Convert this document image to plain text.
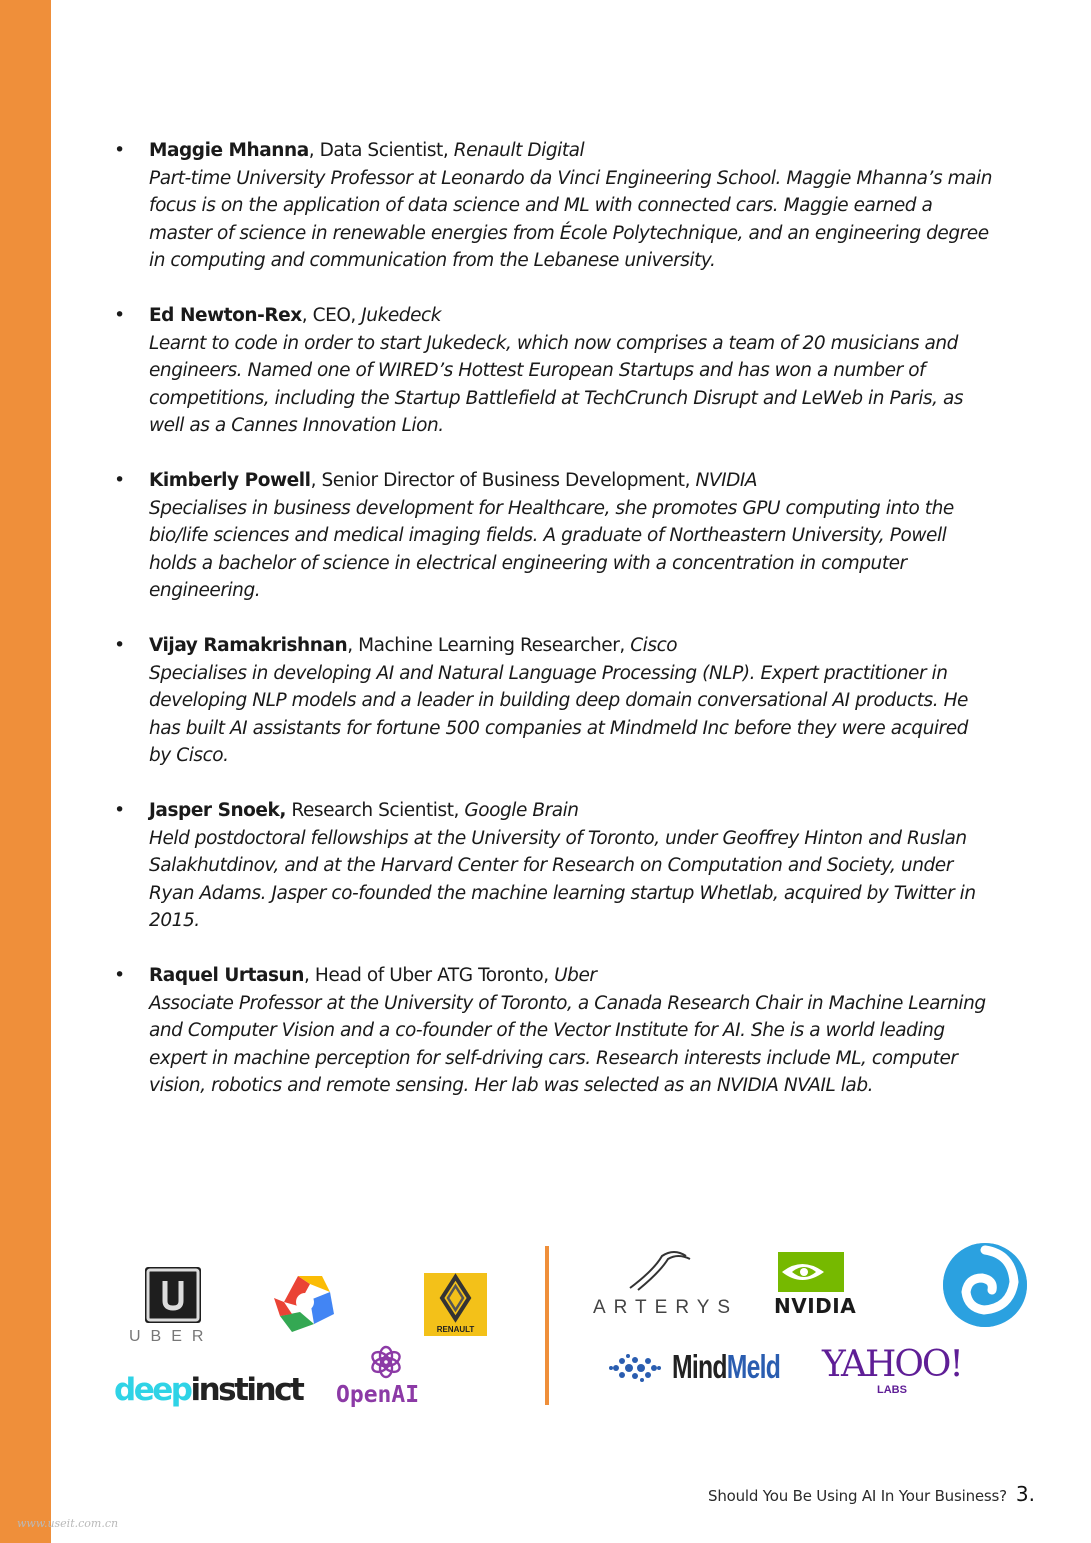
• Maggie Mhanna, Data Scientist, Renault Digital
Part-time University Professor at Leonardo da Vinci Engineering School. Maggie Mhanna’s main focus is on the application of data science and ML with connected cars. Maggie earned a master of science in renewable energies from École Polytechnique, and an engineering degree in computing and communication from the Lebanese university.
• Ed Newton-Rex, CEO, Jukedeck
Learnt to code in order to start Jukedeck, which now comprises a team of 20 musicians and engineers. Named one of WIRED’s Hottest European Startups and has won a number of competitions, including the Startup Battlefield at TechCrunch Disrupt and LeWeb in Paris, as well as a Cannes Innovation Lion.
• Kimberly Powell, Senior Director of Business Development, NVIDIA
Specialises in business development for Healthcare, she promotes GPU computing into the bio/life sciences and medical imaging fields. A graduate of Northeastern University, Powell holds a bachelor of science in electrical engineering with a concentration in computer engineering.
• Vijay Ramakrishnan, Machine Learning Researcher, Cisco
Specialises in developing AI and Natural Language Processing (NLP). Expert practitioner in developing NLP models and a leader in building deep domain conversational AI products. He has built AI assistants for fortune 500 companies at Mindmeld Inc before they were acquired by Cisco.
• Jasper Snoek, Research Scientist, Google Brain
Held postdoctoral fellowships at the University of Toronto, under Geoffrey Hinton and Ruslan Salakhutdinov, and at the Harvard Center for Research on Computation and Society, under Ryan Adams. Jasper co-founded the machine learning startup Whetlab, acquired by Twitter in 2015.
• Raquel Urtasun, Head of Uber ATG Toronto, Uber
Associate Professor at the University of Toronto, a Canada Research Chair in Machine Learning and Computer Vision and a co-founder of the Vector Institute for AI. She is a world leading expert in machine perception for self-driving cars. Research interests include ML, computer vision, robotics and remote sensing. Her lab was selected as an NVIDIA NVAIL lab.
UBER	RENAULT
deepinstinct	OpenAI
ARTERYS NVIDIA
MindMeld YAHOO!
LABS
Should You Be Using AI In Your Business? 3.
www.useit.com.cn
